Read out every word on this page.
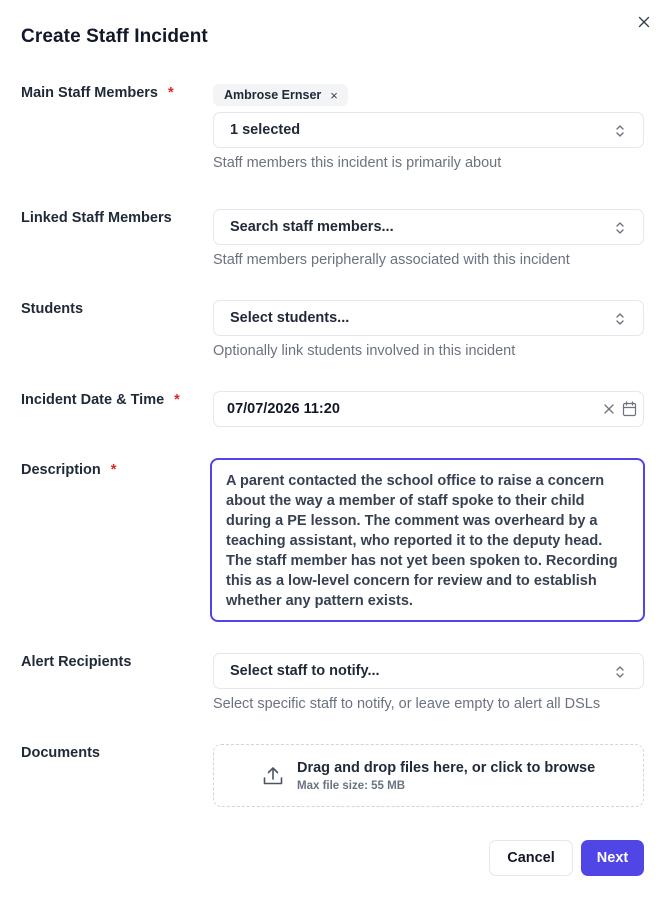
Create Staff Incident
Main Staff Members *	Ambrose Ernser ×
1 selected
Staff members this incident is primarily about
Linked Staff Members
Search staff members...
Staff members peripherally associated with this incident
Students
Select students...
Optionally link students involved in this incident
Incident Date & Time *
07/07/2026 11:20
Description *
A parent contacted the school office to raise a concern about the way a member of staff spoke to their child during a PE lesson. The comment was overheard by a teaching assistant, who reported it to the deputy head. The staff member has not yet been spoken to. Recording this as a low-level concern for review and to establish whether any pattern exists.
Alert Recipients
Select staff to notify...
Select specific staff to notify, or leave empty to alert all DSLs
Documents
Drag and drop files here, or click to browse
Max file size: 55 MB
Cancel	Next
